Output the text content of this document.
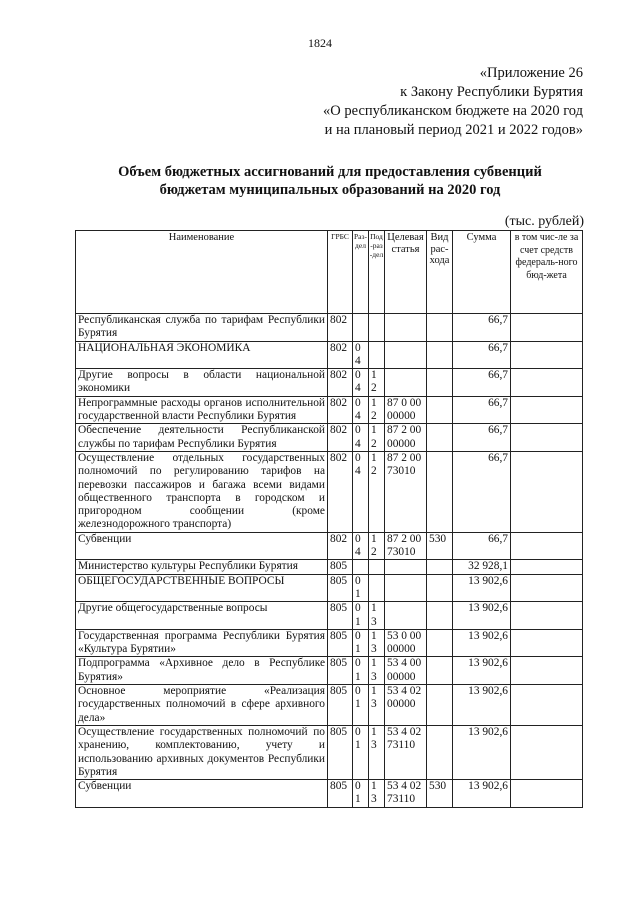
1824
«Приложение 26
к Закону Республики Бурятия
«О республиканском бюджете на 2020 год
и на плановый период 2021 и 2022 годов»
Объем бюджетных ассигнований для предоставления субвенций
бюджетам муниципальных образований на 2020 год
(тыс. рублей)
Наименование	ГРБС	Раз-дел	Под-раз-дел	Целевая статья	Вид рас-хода	Сумма	в том чис-ле за счет средств федераль-ного бюд-жета
Республиканская служба по тарифам Республики Бурятия	802					66,7	
НАЦИОНАЛЬНАЯ ЭКОНОМИКА	802	04				66,7	
Другие вопросы в области национальной экономики	802	04	12			66,7	
Непрограммные расходы органов исполнительной государственной власти Республики Бурятия	802	04	12	87 0 00 00000		66,7	
Обеспечение деятельности Республиканской службы по тарифам Республики Бурятия	802	04	12	87 2 00 00000		66,7	
Осуществление отдельных государственных полномочий по регулированию тарифов на перевозки пассажиров и багажа всеми видами общественного транспорта в городском и пригородном сообщении (кроме железнодорожного транспорта)	802	04	12	87 2 00 73010		66,7	
Субвенции	802	04	12	87 2 00 73010	530	66,7	
Министерство культуры Республики Бурятия	805					32 928,1	
ОБЩЕГОСУДАРСТВЕННЫЕ ВОПРОСЫ	805	01				13 902,6	
Другие общегосударственные вопросы	805	01	13			13 902,6	
Государственная программа Республики Бурятия «Культура Бурятии»	805	01	13	53 0 00 00000		13 902,6	
Подпрограмма «Архивное дело в Республике Бурятия»	805	01	13	53 4 00 00000		13 902,6	
Основное мероприятие «Реализация государственных полномочий в сфере архивного дела»	805	01	13	53 4 02 00000		13 902,6	
Осуществление государственных полномочий по хранению, комплектованию, учету и использованию архивных документов Республики Бурятия	805	01	13	53 4 02 73110		13 902,6	
Субвенции	805	01	13	53 4 02 73110	530	13 902,6	
